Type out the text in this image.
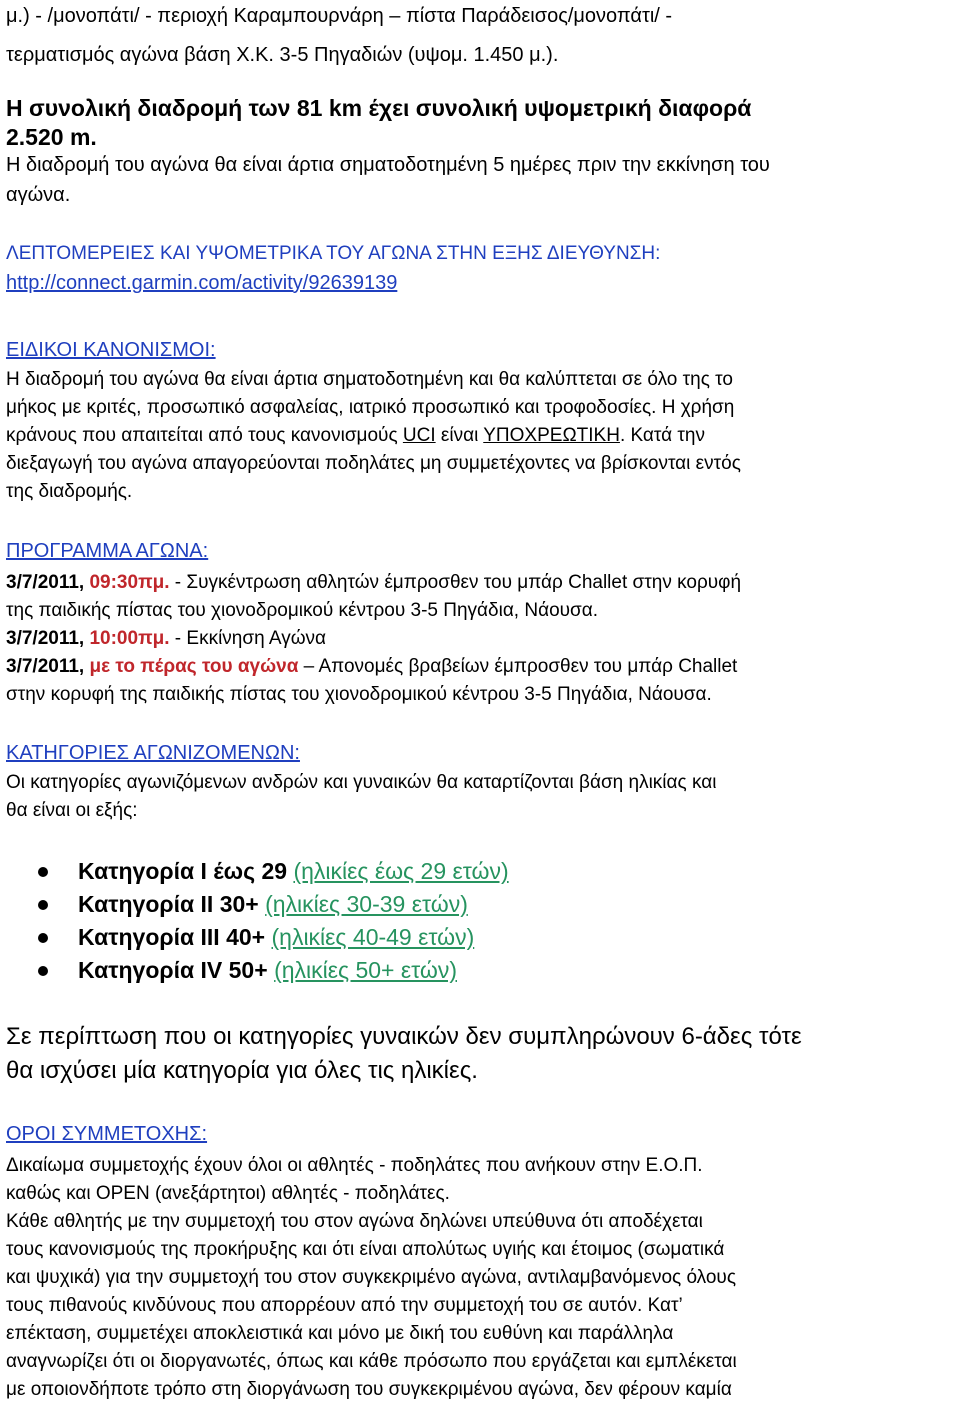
μ.) - /μονοπάτι/ - περιοχή Καραμπουρνάρη – πίστα Παράδεισος/μονοπάτι/ -
τερματισμός αγώνα βάση Χ.Κ. 3-5 Πηγαδιών (υψομ. 1.450 μ.).
Η συνολική διαδρομή των 81 km έχει συνολική υψομετρική διαφορά
2.520 m.
Η διαδρομή του αγώνα θα είναι άρτια σηματοδοτημένη 5 ημέρες πριν την εκκίνηση του
αγώνα.
ΛΕΠΤΟΜΕΡΕΙΕΣ ΚΑΙ ΥΨΟΜΕΤΡΙΚΑ ΤΟΥ ΑΓΩΝΑ ΣΤΗΝ ΕΞΗΣ ΔΙΕΥΘΥΝΣΗ:
http://connect.garmin.com/activity/92639139
ΕΙΔΙΚΟΙ ΚΑΝΟΝΙΣΜΟΙ:
Η διαδρομή του αγώνα θα είναι άρτια σηματοδοτημένη και θα καλύπτεται σε όλο της το
μήκος με κριτές, προσωπικό ασφαλείας, ιατρικό προσωπικό και τροφοδοσίες. Η χρήση
κράνους που απαιτείται από τους κανονισμούς UCI είναι ΥΠΟΧΡΕΩΤΙΚΗ. Κατά την
διεξαγωγή του αγώνα απαγορεύονται ποδηλάτες μη συμμετέχοντες να βρίσκονται εντός
της διαδρομής.
ΠΡΟΓΡΑΜΜΑ ΑΓΩΝΑ:
3/7/2011, 09:30πμ. - Συγκέντρωση αθλητών έμπροσθεν του μπάρ Challet στην κορυφή
της παιδικής πίστας του χιονοδρομικού κέντρου 3-5 Πηγάδια, Νάουσα.
3/7/2011, 10:00πμ. - Εκκίνηση Αγώνα
3/7/2011, με το πέρας του αγώνα – Απονομές βραβείων έμπροσθεν του μπάρ Challet
στην κορυφή της παιδικής πίστας του χιονοδρομικού κέντρου 3-5 Πηγάδια, Νάουσα.
ΚΑΤΗΓΟΡΙΕΣ ΑΓΩΝΙΖΟΜΕΝΩΝ:
Οι κατηγορίες αγωνιζόμενων ανδρών και γυναικών θα καταρτίζονται βάση ηλικίας και
θα είναι οι εξής:
Κατηγορία Ι έως 29 (ηλικίες έως 29 ετών)
Κατηγορία ΙΙ 30+ (ηλικίες 30-39 ετών)
Κατηγορία ΙΙΙ 40+ (ηλικίες 40-49 ετών)
Κατηγορία IV 50+ (ηλικίες 50+ ετών)
Σε περίπτωση που οι κατηγορίες γυναικών δεν συμπληρώνουν 6-άδες τότε
θα ισχύσει μία κατηγορία για όλες τις ηλικίες.
ΟΡΟΙ ΣΥΜΜΕΤΟΧΗΣ:
Δικαίωμα συμμετοχής έχουν όλοι οι αθλητές - ποδηλάτες που ανήκουν στην Ε.Ο.Π.
καθώς και OPEN (ανεξάρτητοι) αθλητές - ποδηλάτες.
Κάθε αθλητής με την συμμετοχή του στον αγώνα δηλώνει υπεύθυνα ότι αποδέχεται
τους κανονισμούς της προκήρυξης και ότι είναι απολύτως υγιής και έτοιμος (σωματικά
και ψυχικά) για την συμμετοχή του στον συγκεκριμένο αγώνα, αντιλαμβανόμενος όλους
τους πιθανούς κινδύνους που απορρέουν από την συμμετοχή του σε αυτόν. Κατ’
επέκταση, συμμετέχει αποκλειστικά και μόνο με δική του ευθύνη και παράλληλα
αναγνωρίζει ότι οι διοργανωτές, όπως και κάθε πρόσωπο που εργάζεται και εμπλέκεται
με οποιονδήποτε τρόπο στη διοργάνωση του συγκεκριμένου αγώνα, δεν φέρουν καμία
